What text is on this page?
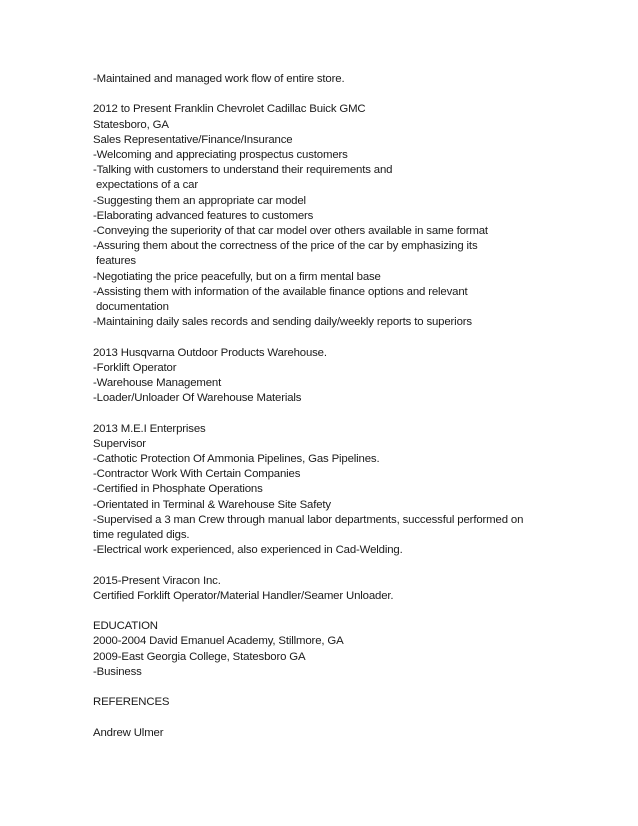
-Maintained and managed work flow of entire store.
2012 to Present Franklin Chevrolet Cadillac Buick GMC
Statesboro, GA
Sales Representative/Finance/Insurance
-Welcoming and appreciating prospectus customers
-Talking with customers to understand their requirements and
expectations of a car
-Suggesting them an appropriate car model
-Elaborating advanced features to customers
-Conveying the superiority of that car model over others available in same format
-Assuring them about the correctness of the price of the car by emphasizing its
features
-Negotiating the price peacefully, but on a firm mental base
-Assisting them with information of the available finance options and relevant
documentation
-Maintaining daily sales records and sending daily/weekly reports to superiors
2013 Husqvarna Outdoor Products Warehouse.
-Forklift Operator
-Warehouse Management
-Loader/Unloader Of Warehouse Materials
2013 M.E.I Enterprises
Supervisor
-Cathotic Protection Of Ammonia Pipelines, Gas Pipelines.
-Contractor Work With Certain Companies
-Certified in Phosphate Operations
-Orientated in Terminal & Warehouse Site Safety
-Supervised a 3 man Crew through manual labor departments, successful performed on
time regulated digs.
-Electrical work experienced, also experienced in Cad-Welding.
2015-Present Viracon Inc.
Certified Forklift Operator/Material Handler/Seamer Unloader.
EDUCATION
2000-2004 David Emanuel Academy, Stillmore, GA
2009-East Georgia College, Statesboro GA
-Business
REFERENCES
Andrew Ulmer
